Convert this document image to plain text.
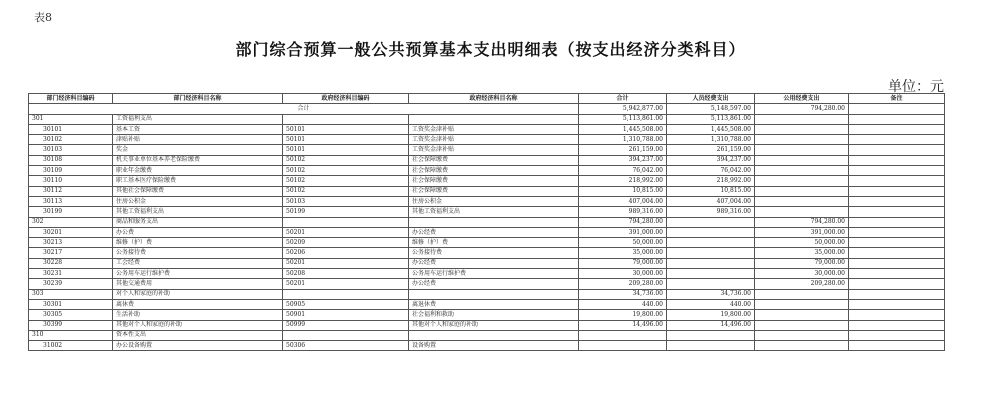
表8
部门综合预算一般公共预算基本支出明细表（按支出经济分类科目）
单位：元
部门经济科目编码	部门经济科目名称	政府经济科目编码	政府经济科目名称	合计	人员经费支出	公用经费支出	备注
合计				5,942,877.00	5,148,597.00	794,280.00	
301	工资福利支出			5,113,861.00	5,113,861.00		
30101	基本工资	50101	工资奖金津补贴	1,445,508.00	1,445,508.00		
30102	津贴补贴	50101	工资奖金津补贴	1,310,788.00	1,310,788.00		
30103	奖金	50101	工资奖金津补贴	261,159.00	261,159.00		
30108	机关事业单位基本养老保险缴费	50102	社会保障缴费	394,237.00	394,237.00		
30109	职业年金缴费	50102	社会保障缴费	76,042.00	76,042.00		
30110	职工基本医疗保险缴费	50102	社会保障缴费	218,992.00	218,992.00		
30112	其他社会保障缴费	50102	社会保障缴费	10,815.00	10,815.00		
30113	住房公积金	50103	住房公积金	407,004.00	407,004.00		
30199	其他工资福利支出	50199	其他工资福利支出	989,316.00	989,316.00		
302	商品和服务支出			794,280.00		794,280.00	
30201	办公费	50201	办公经费	391,000.00		391,000.00	
30213	维修（护）费	50209	维修（护）费	50,000.00		50,000.00	
30217	公务接待费	50206	公务接待费	35,000.00		35,000.00	
30228	工会经费	50201	办公经费	79,000.00		79,000.00	
30231	公务用车运行维护费	50208	公务用车运行维护费	30,000.00		30,000.00	
30239	其他交通费用	50201	办公经费	209,280.00		209,280.00	
303	对个人和家庭的补助			34,736.00	34,736.00		
30301	离休费	50905	离退休费	440.00	440.00		
30305	生活补助	50901	社会福利和救助	19,800.00	19,800.00		
30399	其他对个人和家庭的补助	50999	其他对个人和家庭的补助	14,496.00	14,496.00		
310	资本性支出						
31002	办公设备购置	50306	设备购置				
